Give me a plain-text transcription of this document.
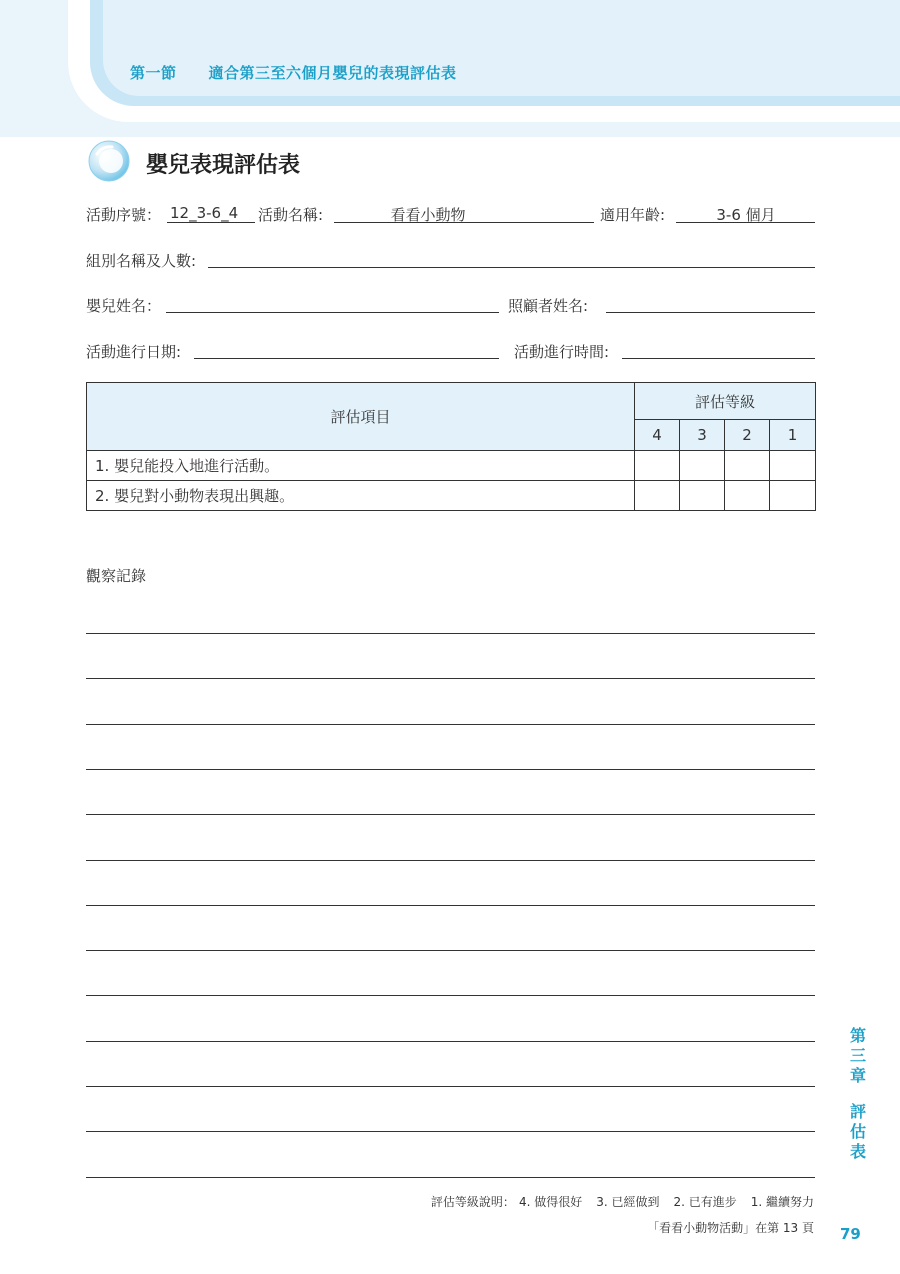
第一節 適合第三至六個月嬰兒的表現評估表
嬰兒表現評估表
活動序號： 12_3-6_4 活動名稱:	看看小動物	適用年齡:	3-6 個月
組別名稱及人數:
嬰兒姓名：	照顧者姓名:
活動進行日期:	活動進行時間:
評估項目	評估等級			
	4	3	2	1
1. 嬰兒能投入地進行活動。				
2. 嬰兒對小動物表現出興趣。				
觀察記錄
第三章
評估表
評估等級說明： 4. 做得很好 3. 已經做到 2. 已有進步 1. 繼續努力
「看看小動物活動」在第 13 頁 79
